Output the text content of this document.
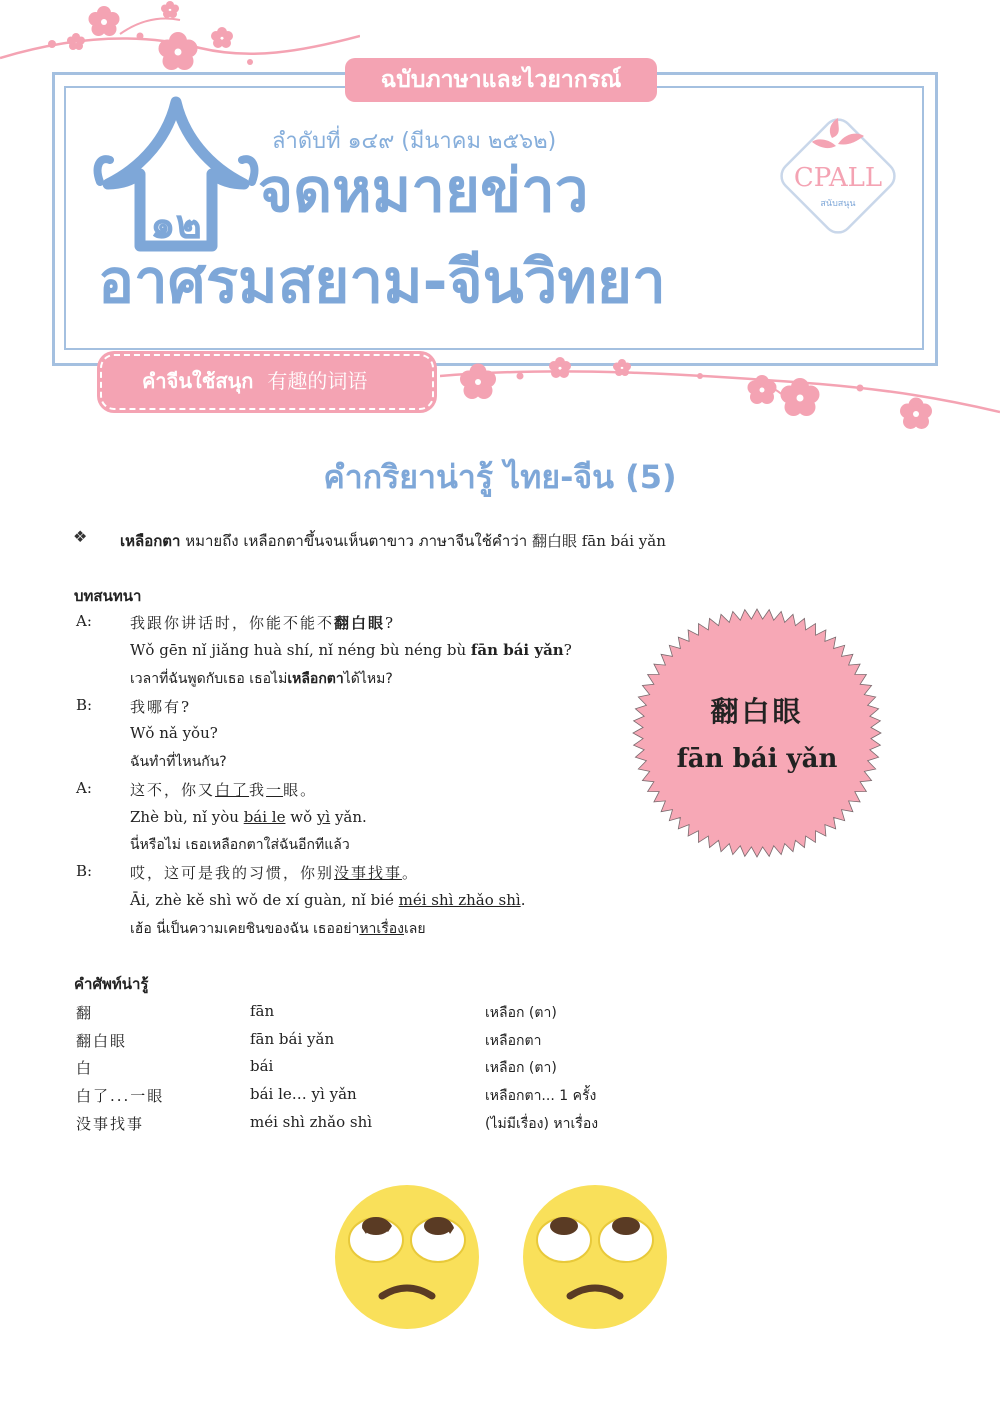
ฉบับภาษาและไวยากรณ์
๑๒
ลำดับที่ ๑๔๙ (มีนาคม ๒๕๖๒)
จดหมายข่าว
อาศรมสยาม-จีนวิทยา
CPALL
สนับสนุน
คำจีนใช้สนุก 有趣的词语
คำกริยาน่ารู้ ไทย-จีน (5)
❖ เหลือกตา หมายถึง เหลือกตาขึ้นจนเห็นตาขาว ภาษาจีนใช้คำว่า 翻白眼 fān bái yǎn
บทสนทนา
A:	我跟你讲话时，你能不能不翻白眼?
Wǒ gēn nǐ jiǎng huà shí, nǐ néng bù néng bù fān bái yǎn?
เวลาที่ฉันพูดกับเธอ เธอไม่เหลือกตาได้ไหม?
B:	我哪有?
Wǒ nǎ yǒu?
ฉันทำที่ไหนกัน?
A:	这不，你又白了我一眼。
Zhè bù, nǐ yòu bái le wǒ yì yǎn.
นี่หรือไม่ เธอเหลือกตาใส่ฉันอีกทีแล้ว
B:	哎，这可是我的习惯，你别没事找事。
Āi, zhè kě shì wǒ de xí guàn, nǐ bié méi shì zhǎo shì.
เฮ้อ นี่เป็นความเคยชินของฉัน เธออย่าหาเรื่องเลย
翻白眼
fān bái yǎn
คำศัพท์น่ารู้
翻	fān	เหลือก (ตา)
翻白眼	fān bái yǎn	เหลือกตา
白	bái	เหลือก (ตา)
白了...一眼	bái le… yì yǎn	เหลือกตา... 1 ครั้ง
没事找事	méi shì zhǎo shì	(ไม่มีเรื่อง) หาเรื่อง
